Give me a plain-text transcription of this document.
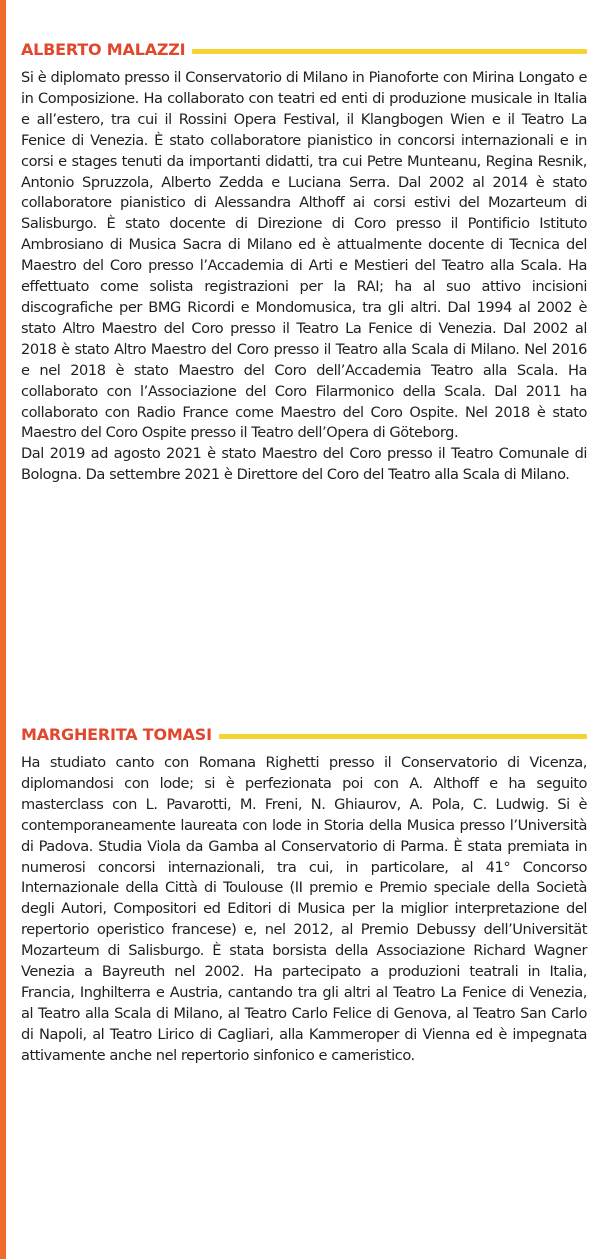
ALBERTO MALAZZI

Si è diplomato presso il Conservatorio di Milano in Pianoforte con Mirina Longato e in Composizione. Ha collaborato con teatri ed enti di produzione musicale in Italia e all’estero, tra cui il Rossini Opera Festival, il Klangbogen Wien e il Teatro La Fenice di Venezia. È stato collaboratore pianistico in concorsi internazionali e in corsi e stages tenuti da importanti didatti, tra cui Petre Munteanu, Regina Resnik, Antonio Spruzzola, Alberto Zedda e Luciana Serra. Dal 2002 al 2014 è stato collaboratore pianistico di Alessandra Althoff ai corsi estivi del Mozarteum di Salisburgo. È stato docente di Direzione di Coro presso il Pontificio Istituto Ambrosiano di Musica Sacra di Milano ed è attualmente docente di Tecnica del Maestro del Coro presso l’Accademia di Arti e Mestieri del Teatro alla Scala. Ha effettuato come solista registrazioni per la RAI; ha al suo attivo incisioni discografiche per BMG Ricordi e Mondomusica, tra gli altri. Dal 1994 al 2002 è stato Altro Maestro del Coro presso il Teatro La Fenice di Venezia. Dal 2002 al 2018 è stato Altro Maestro del Coro presso il Teatro alla Scala di Milano. Nel 2016 e nel 2018 è stato Maestro del Coro dell’Accademia Teatro alla Scala. Ha collaborato con l’Associazione del Coro Filarmonico della Scala. Dal 2011 ha collaborato con Radio France come Maestro del Coro Ospite. Nel 2018 è stato Maestro del Coro Ospite presso il Teatro dell’Opera di Göteborg.

Dal 2019 ad agosto 2021 è stato Maestro del Coro presso il Teatro Comunale di Bologna. Da settembre 2021 è Direttore del Coro del Teatro alla Scala di Milano.

MARGHERITA TOMASI

Ha studiato canto con Romana Righetti presso il Conservatorio di Vicenza, diplomandosi con lode; si è perfezionata poi con A. Althoff e ha seguito masterclass con L. Pavarotti, M. Freni, N. Ghiaurov, A. Pola, C. Ludwig. Si è contemporaneamente laureata con lode in Storia della Musica presso l’Università di Padova. Studia Viola da Gamba al Conservatorio di Parma. È stata premiata in numerosi concorsi internazionali, tra cui, in particolare, al 41° Concorso Internazionale della Città di Toulouse (II premio e Premio speciale della Società degli Autori, Compositori ed Editori di Musica per la miglior interpretazione del repertorio operistico francese) e, nel 2012, al Premio Debussy dell’Universität Mozarteum di Salisburgo. È stata borsista della Associazione Richard Wagner Venezia a Bayreuth nel 2002. Ha partecipato a produzioni teatrali in Italia, Francia, Inghilterra e Austria, cantando tra gli altri al Teatro La Fenice di Venezia, al Teatro alla Scala di Milano, al Teatro Carlo Felice di Genova, al Teatro San Carlo di Napoli, al Teatro Lirico di Cagliari, alla Kammeroper di Vienna ed è impegnata attivamente anche nel repertorio sinfonico e cameristico.
